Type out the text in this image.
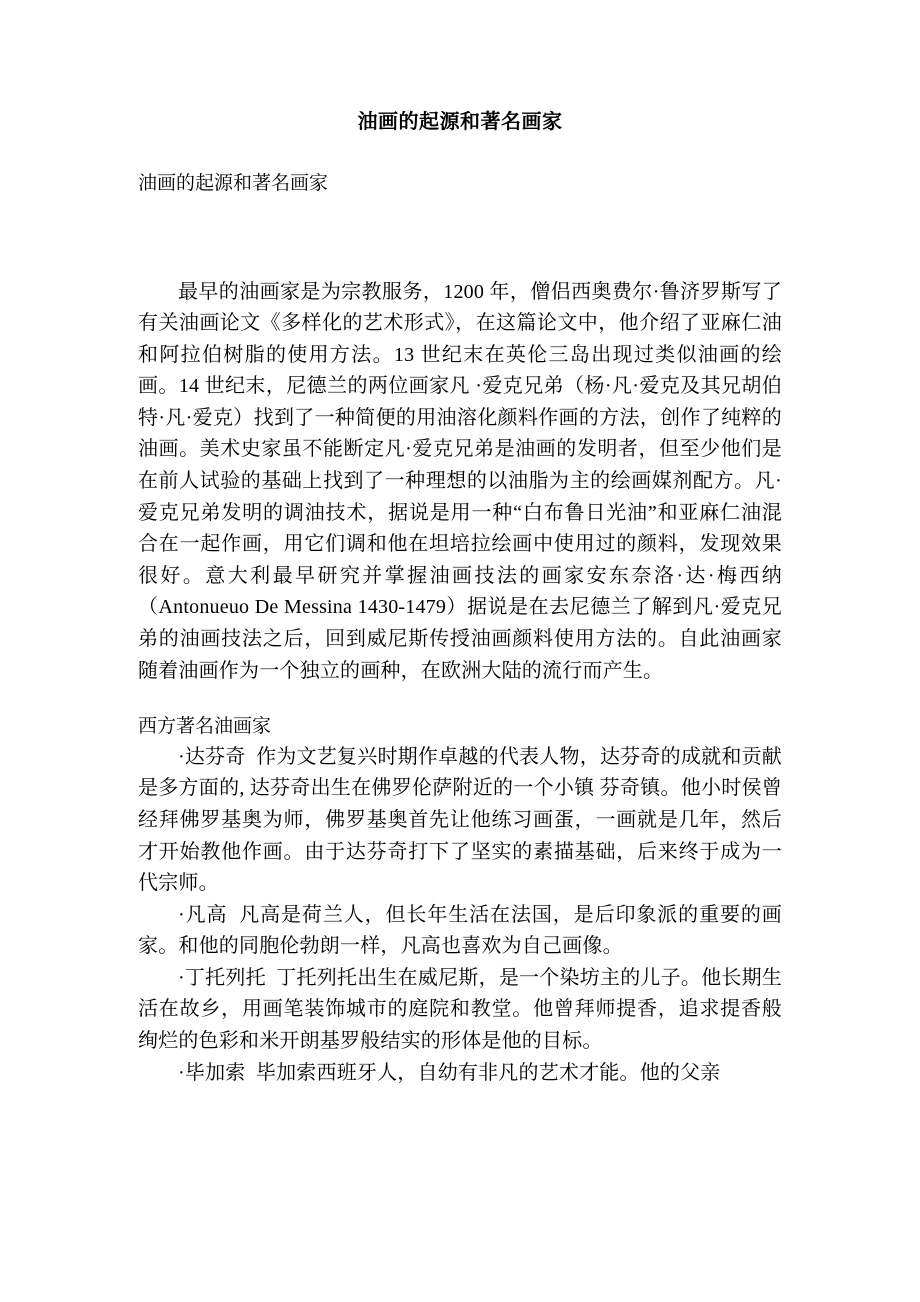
油画的起源和著名画家
油画的起源和著名画家

最早的油画家是为宗教服务，1200 年，僧侣西奥费尔·鲁济罗斯写了有关油画论文《多样化的艺术形式》，在这篇论文中，他介绍了亚麻仁油和阿拉伯树脂的使用方法。13 世纪末在英伦三岛出现过类似油画的绘画。14 世纪末，尼德兰的两位画家凡 ·爱克兄弟（杨·凡·爱克及其兄胡伯特·凡·爱克）找到了一种简便的用油溶化颜料作画的方法，创作了纯粹的油画。美术史家虽不能断定凡·爱克兄弟是油画的发明者，但至少他们是在前人试验的基础上找到了一种理想的以油脂为主的绘画媒剂配方。凡·爱克兄弟发明的调油技术，据说是用一种“白布鲁日光油”和亚麻仁油混合在一起作画，用它们调和他在坦培拉绘画中使用过的颜料，发现效果很好。意大利最早研究并掌握油画技法的画家安东奈洛·达·梅西纳（Antonueuo De Messina 1430-1479）据说是在去尼德兰了解到凡·爱克兄弟的油画技法之后，回到威尼斯传授油画颜料使用方法的。自此油画家随着油画作为一个独立的画种，在欧洲大陆的流行而产生。

西方著名油画家
·达芬奇 作为文艺复兴时期作卓越的代表人物，达芬奇的成就和贡献是多方面的, 达芬奇出生在佛罗伦萨附近的一个小镇 芬奇镇。他小时侯曾经拜佛罗基奥为师，佛罗基奥首先让他练习画蛋，一画就是几年，然后才开始教他作画。由于达芬奇打下了坚实的素描基础，后来终于成为一代宗师。
·凡高 凡高是荷兰人，但长年生活在法国，是后印象派的重要的画家。和他的同胞伦勃朗一样，凡高也喜欢为自己画像。
·丁托列托 丁托列托出生在威尼斯，是一个染坊主的儿子。他长期生活在故乡，用画笔装饰城市的庭院和教堂。他曾拜师提香，追求提香般绚烂的色彩和米开朗基罗般结实的形体是他的目标。
·毕加索 毕加索西班牙人，自幼有非凡的艺术才能。他的父亲
